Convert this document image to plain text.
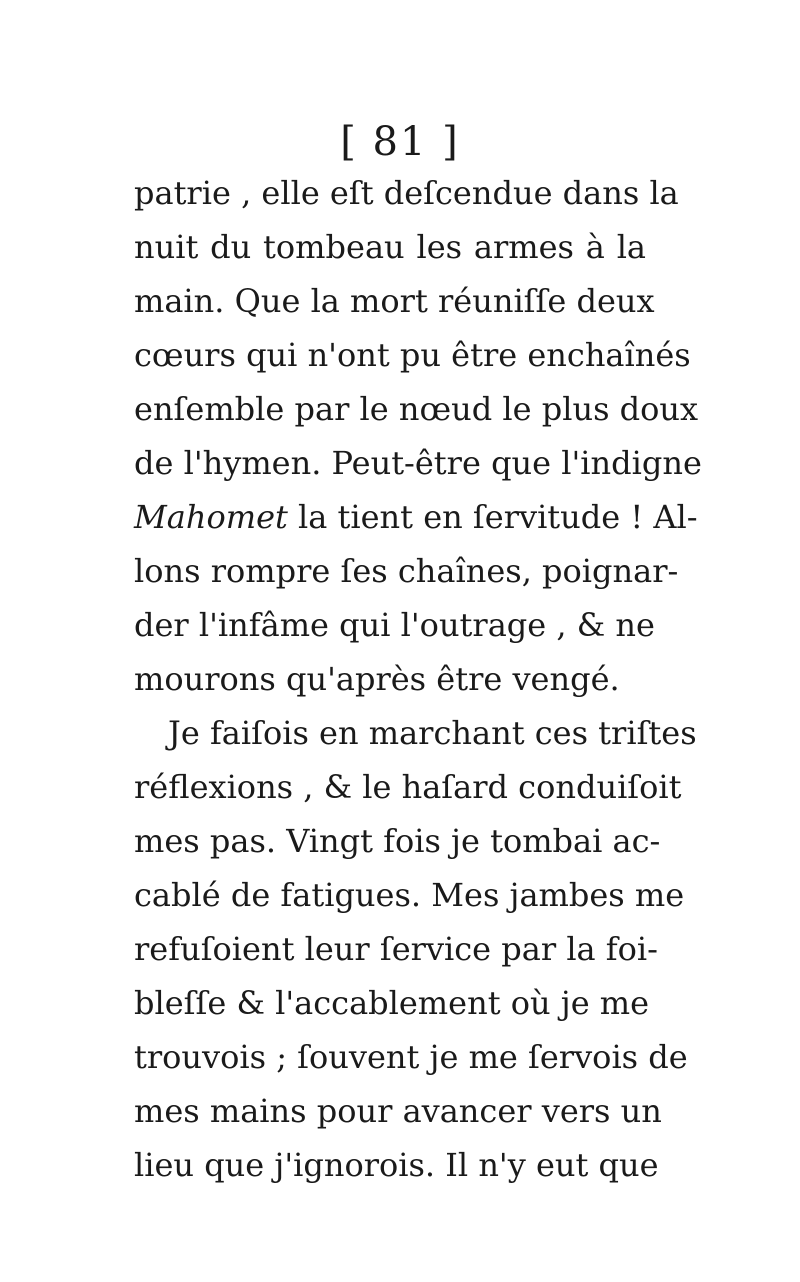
[ 81 ]
patrie , elle eſt deſcendue dans la
nuit du tombeau les armes à la
main. Que la mort réuniſſe deux
cœurs qui n'ont pu être enchaînés
enſemble par le nœud le plus doux
de l'hymen. Peut-être que l'indigne
Mahomet la tient en ſervitude ! Al-
lons rompre ſes chaînes, poignar-
der l'infâme qui l'outrage , & ne
mourons qu'après être vengé.
Je faiſois en marchant ces triſtes
réflexions , & le haſard conduiſoit
mes pas. Vingt fois je tombai ac-
cablé de fatigues. Mes jambes me
refuſoient leur ſervice par la foi-
bleſſe & l'accablement où je me
trouvois ; ſouvent je me ſervois de
mes mains pour avancer vers un
lieu que j'ignorois. Il n'y eut que
